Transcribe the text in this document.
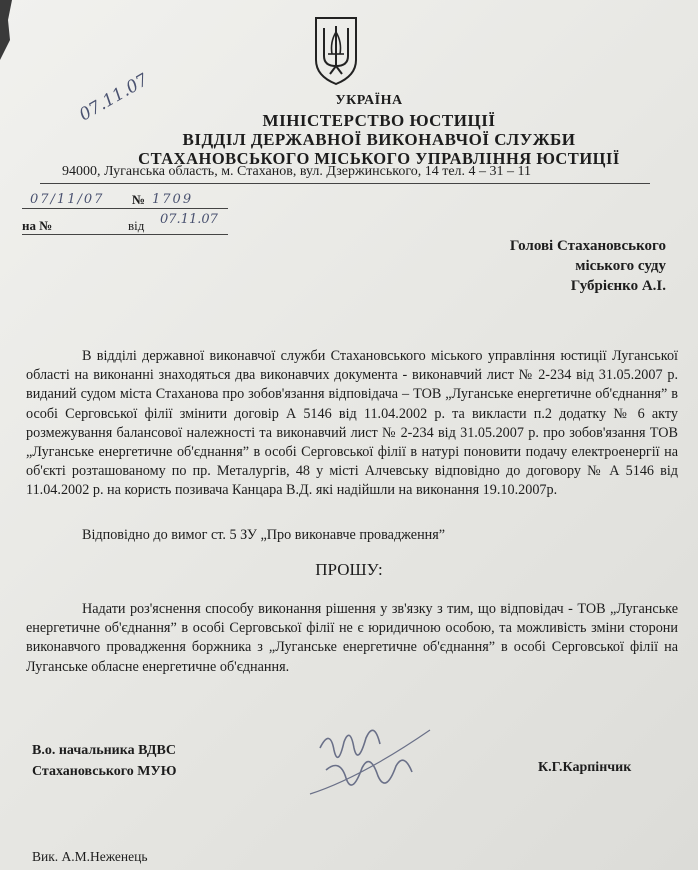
УКРАЇНА
МІНІСТЕРСТВО ЮСТИЦІЇ
ВІДДІЛ ДЕРЖАВНОЇ ВИКОНАВЧОЇ СЛУЖБИ
СТАХАНОВСЬКОГО МІСЬКОГО УПРАВЛІННЯ ЮСТИЦІЇ
94000, Луганська область, м. Стаханов, вул. Дзержинського, 14 тел. 4 – 31 – 11
07.11.07
07/11/07 № 1709
на №	від 07.11.07
Голові Стахановського
міського суду
Губрієнко А.І.
В відділі державної виконавчої служби Стахановського міського управління юстиції Луганської області на виконанні знаходяться два виконавчих документа - виконавчий лист № 2-234 від 31.05.2007 р. виданий судом міста Стаханова про зобов'язання відповідача – ТОВ „Луганське енергетичне об'єднання” в особі Серговської філії змінити договір А 5146 від 11.04.2002 р. та викласти п.2 додатку № 6 акту розмежування балансової належності та виконавчий лист № 2-234 від 31.05.2007 р. про зобов'язання ТОВ „Луганське енергетичне об'єднання” в особі Серговської філії в натурі поновити подачу електроенергії на об'єкті розташованому по пр. Металургів, 48 у місті Алчевську відповідно до договору № А 5146 від 11.04.2002 р. на користь позивача Канцара В.Д. які надійшли на виконання 19.10.2007р.
Відповідно до вимог ст. 5 ЗУ „Про виконавче провадження”
ПРОШУ:
Надати роз'яснення способу виконання рішення у зв'язку з тим, що відповідач - ТОВ „Луганське енергетичне об'єднання” в особі Серговської філії не є юридичною особою, та можливість зміни сторони виконавчого провадження боржника з „Луганське енергетичне об'єднання” в особі Серговської філії на Луганське обласне енергетичне об'єднання.
В.о. начальника ВДВС
Стахановського МУЮ	К.Г.Карпінчик
Вик. А.М.Неженець
